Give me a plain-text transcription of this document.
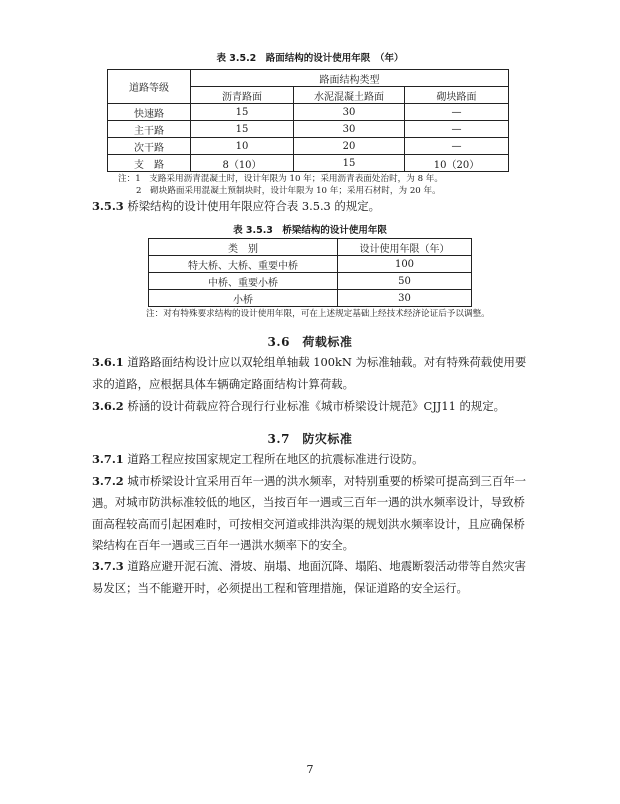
表 3.5.2　路面结构的设计使用年限　（年）
道路等级	路面结构类型		
	沥青路面	水泥混凝土路面	砌块路面
快速路	15	30	—
主干路	15	30	—
次干路	10	20	—
支　路	8（10）	15	10（20）
注：1　支路采用沥青混凝土时，设计年限为 10 年；采用沥青表面处治时，为 8 年。
2　砌块路面采用混凝土预制块时，设计年限为 10 年；采用石材时，为 20 年。
3.5.3 桥梁结构的设计使用年限应符合表 3.5.3 的规定。
表 3.5.3　桥梁结构的设计使用年限
类　别	设计使用年限（年）
特大桥、大桥、重要中桥	100
中桥、重要小桥	50
小桥	30
注：对有特殊要求结构的设计使用年限，可在上述规定基础上经技术经济论证后予以调整。
3.6　荷载标准
3.6.1 道路路面结构设计应以双轮组单轴载 100kN 为标准轴载。对有特殊荷载使用要求的道路，应根据具体车辆确定路面结构计算荷载。
3.6.2 桥涵的设计荷载应符合现行行业标准《城市桥梁设计规范》CJJ11 的规定。
3.7　防灾标准
3.7.1 道路工程应按国家规定工程所在地区的抗震标准进行设防。
3.7.2 城市桥梁设计宜采用百年一遇的洪水频率，对特别重要的桥梁可提高到三百年一遇。 对城市防洪标准较低的地区，当按百年一遇或三百年一遇的洪水频率设计，导致桥面高程较高而引起困难时，可按相交河道或排洪沟渠的规划洪水频率设计，且应确保桥梁结构在百年一遇或三百年一遇洪水频率下的安全。
3.7.3 道路应避开泥石流、滑坡、崩塌、地面沉降、塌陷、地震断裂活动带等自然灾害易发区；当不能避开时，必须提出工程和管理措施，保证道路的安全运行。
7
